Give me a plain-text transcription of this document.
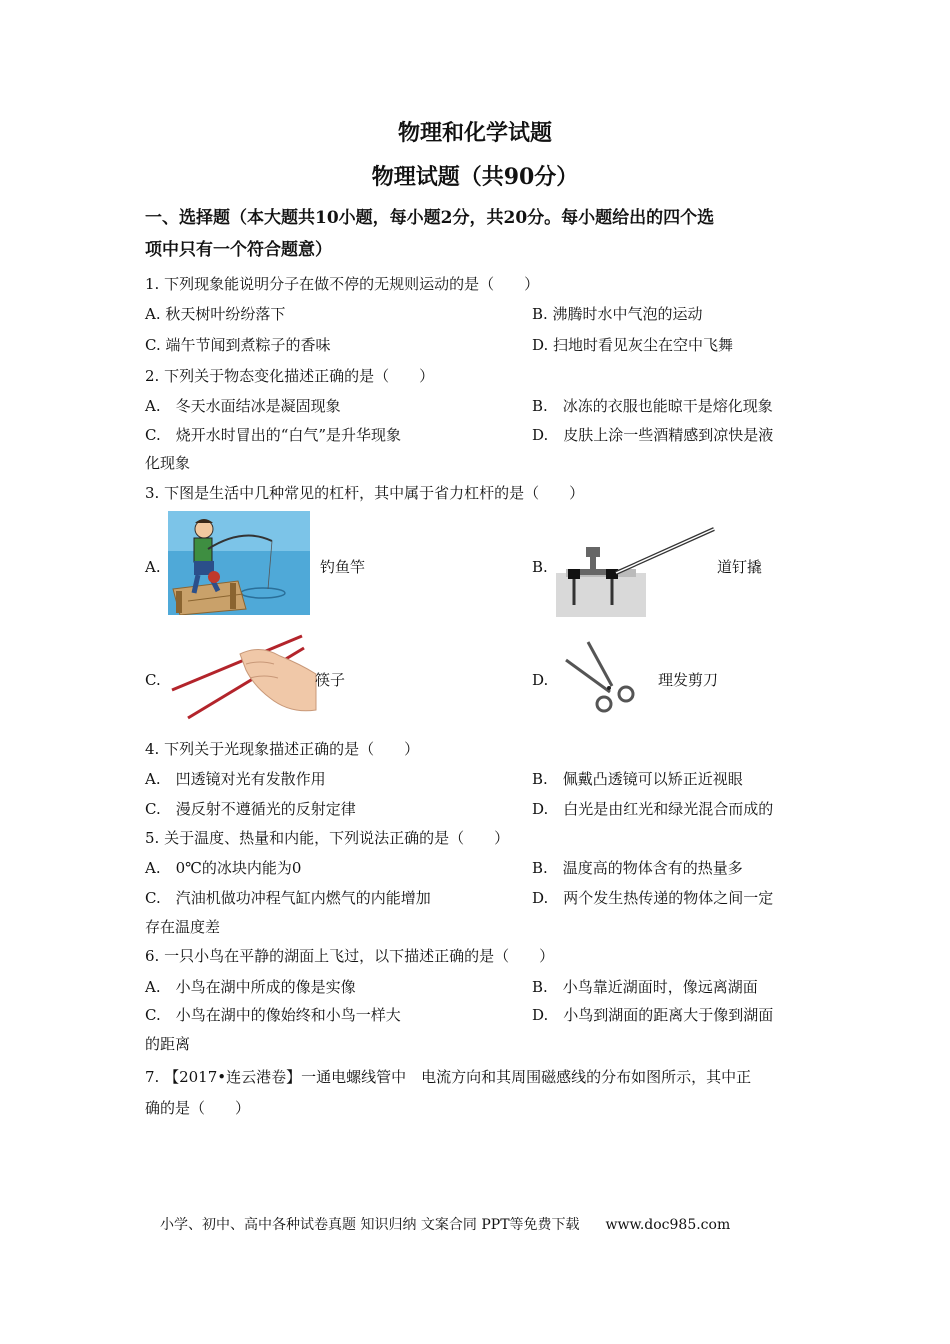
物理和化学试题
物理试题（共90分）
一、选择题（本大题共10小题，每小题2分，共20分。每小题给出的四个选
项中只有一个符合题意）
1. 下列现象能说明分子在做不停的无规则运动的是（　　）
A. 秋天树叶纷纷落下	B. 沸腾时水中气泡的运动
C. 端午节闻到煮粽子的香味	D. 扫地时看见灰尘在空中飞舞
2. 下列关于物态变化描述正确的是（　　）
A.　冬天水面结冰是凝固现象	B.　冰冻的衣服也能晾干是熔化现象
C.　烧开水时冒出的“白气”是升华现象	D.　皮肤上涂一些酒精感到凉快是液
化现象
3. 下图是生活中几种常见的杠杆，其中属于省力杠杆的是（　　）
A.	钓鱼竿	B.	道钉撬
C.	筷子	D.	理发剪刀
4. 下列关于光现象描述正确的是（　　）
A.　凹透镜对光有发散作用	B.　佩戴凸透镜可以矫正近视眼
C.　漫反射不遵循光的反射定律	D.　白光是由红光和绿光混合而成的
5. 关于温度、热量和内能，下列说法正确的是（　　）
A.　0℃的冰块内能为0	B.　温度高的物体含有的热量多
C.　汽油机做功冲程气缸内燃气的内能增加	D.　两个发生热传递的物体之间一定
存在温度差
6. 一只小鸟在平静的湖面上飞过，以下描述正确的是（　　）
A.　小鸟在湖中所成的像是实像	B.　小鸟靠近湖面时，像远离湖面
C.　小鸟在湖中的像始终和小鸟一样大	D.　小鸟到湖面的距离大于像到湖面
的距离
7. 【2017•连云港卷】一通电螺线管中　电流方向和其周围磁感线的分布如图所示，其中正
确的是（　　）
小学、初中、高中各种试卷真题 知识归纳 文案合同 PPT等免费下载 www.doc985.com
